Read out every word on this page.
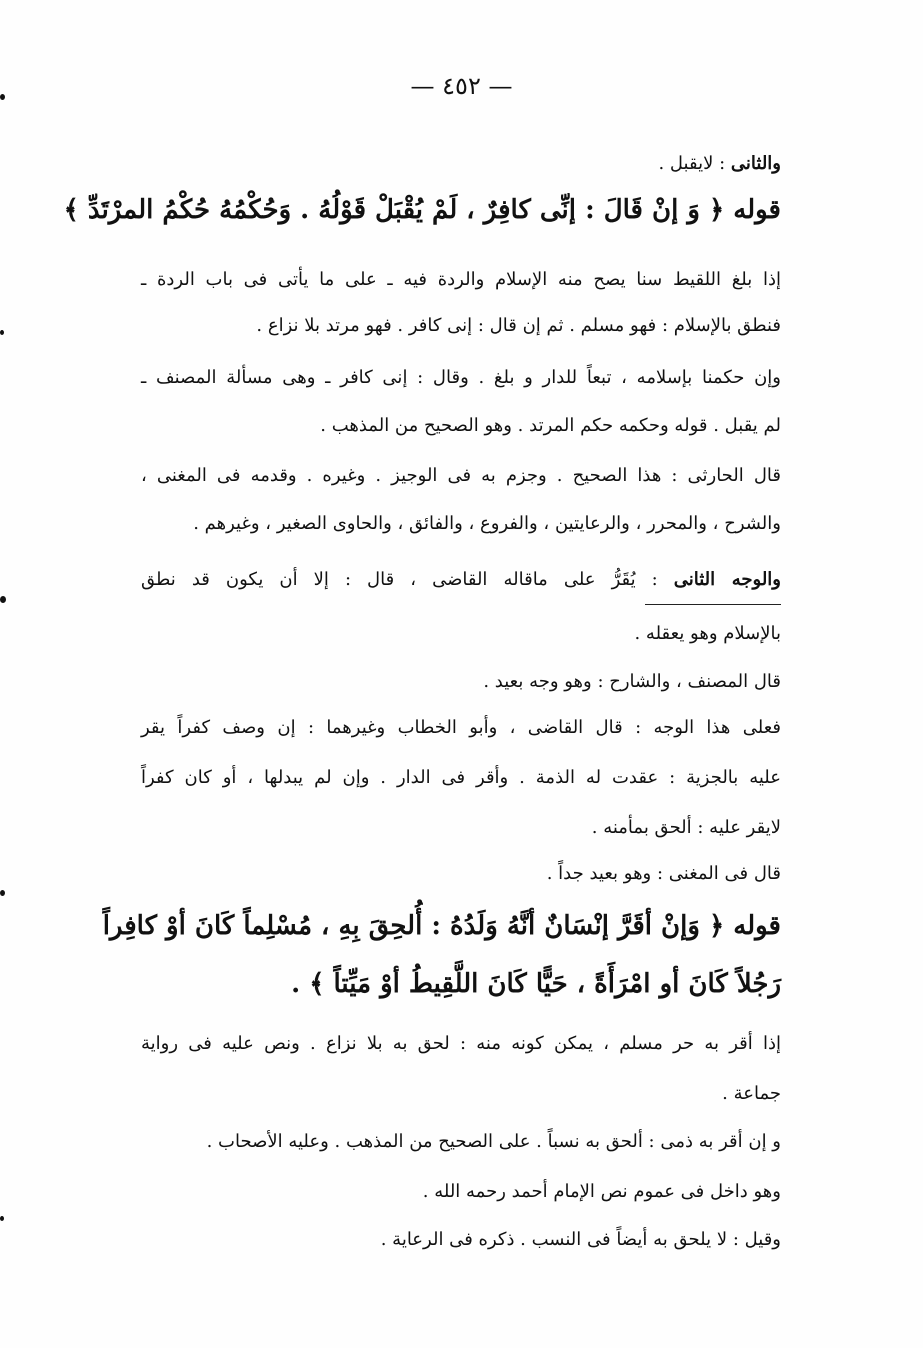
— ٤٥٢ —
والثانى : لايقبل .
قوله ﴿ وَ إنْ قَالَ : إنِّى كافِرٌ ، لَمْ يُقْبَلْ قَوْلُهُ . وَحُكْمُهُ حُكْمُ المرْتَدِّ ﴾
إذا بلغ اللقيط سنا يصح منه الإسلام والردة فيه ـ على ما يأتى فى باب الردة ـ
فنطق بالإسلام : فهو مسلم . ثم إن قال : إنى كافر . فهو مرتد بلا نزاع .
وإن حكمنا بإسلامه ، تبعاً للدار و بلغ . وقال : إنى كافر ـ وهى مسألة المصنف ـ
لم يقبل . قوله وحكمه حكم المرتد . وهو الصحيح من المذهب .
قال الحارثى : هذا الصحيح . وجزم به فى الوجيز . وغيره . وقدمه فى المغنى ،
والشرح ، والمحرر ، والرعايتين ، والفروع ، والفائق ، والحاوى الصغير ، وغيرهم .
والوجه الثانى : يُقَرُّ على ماقاله القاضى ، قال : إلا أن يكون قد نطق
بالإسلام وهو يعقله .
قال المصنف ، والشارح : وهو وجه بعيد .
فعلى هذا الوجه : قال القاضى ، وأبو الخطاب وغيرهما : إن وصف كفراً يقر
عليه بالجزية : عقدت له الذمة . وأقر فى الدار . وإن لم يبدلها ، أو كان كفراً
لايقر عليه : ألحق بمأمنه .
قال فى المغنى : وهو بعيد جداً .
قوله ﴿ وَإنْ أقَرَّ إنْسَانٌ أنَّهُ وَلَدُهُ : أُلحِقَ بِهِ ، مُسْلِماً كَانَ أوْ كافِراً
رَجُلاً كَانَ أو امْرَأَةً ، حَيًّا كَانَ اللَّقِيطُ أوْ مَيِّتاً ﴾ .
إذا أقر به حر مسلم ، يمكن كونه منه : لحق به بلا نزاع . ونص عليه فى رواية
جماعة .
و إن أقر به ذمى : ألحق به نسباً . على الصحيح من المذهب . وعليه الأصحاب .
وهو داخل فى عموم نص الإمام أحمد رحمه الله .
وقيل : لا يلحق به أيضاً فى النسب . ذكره فى الرعاية .
